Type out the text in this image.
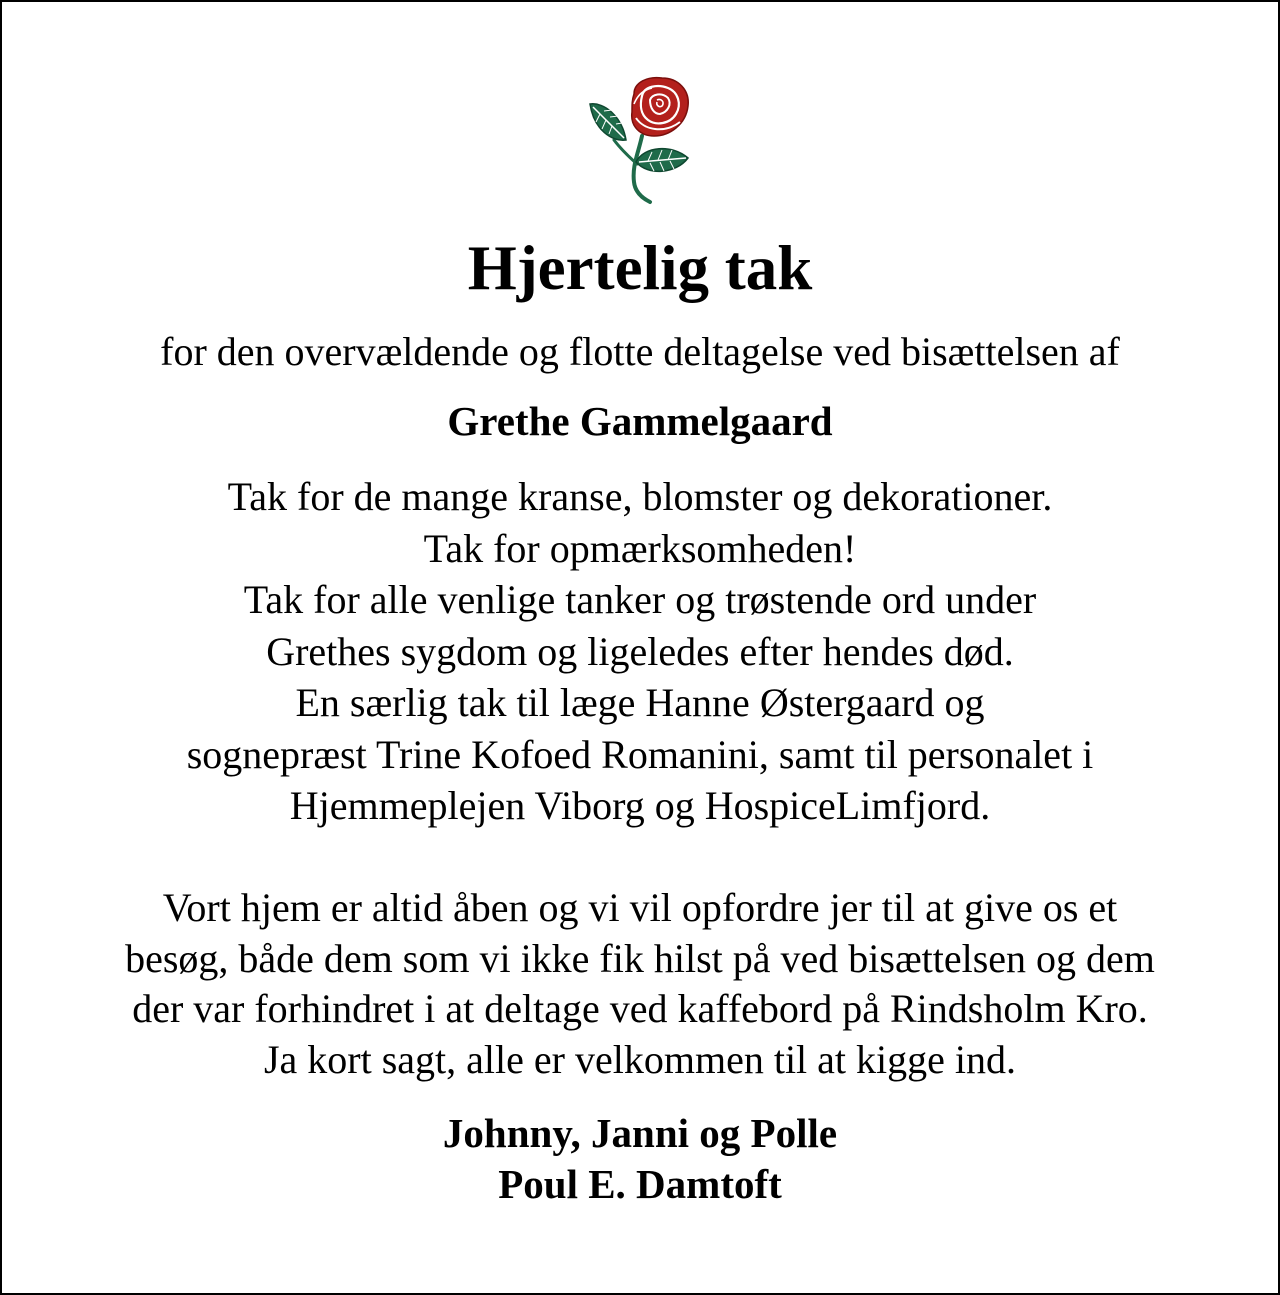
Hjertelig tak

for den overvældende og flotte deltagelse ved bisættelsen af

Grethe Gammelgaard

Tak for de mange kranse, blomster og dekorationer.
Tak for opmærksomheden!
Tak for alle venlige tanker og trøstende ord under
Grethes sygdom og ligeledes efter hendes død.
En særlig tak til læge Hanne Østergaard og
sognepræst Trine Kofoed Romanini, samt til personalet i
Hjemmeplejen Viborg og HospiceLimfjord.

Vort hjem er altid åben og vi vil opfordre jer til at give os et
besøg, både dem som vi ikke fik hilst på ved bisættelsen og dem
der var forhindret i at deltage ved kaffebord på Rindsholm Kro.
Ja kort sagt, alle er velkommen til at kigge ind.

Johnny, Janni og Polle
Poul E. Damtoft
